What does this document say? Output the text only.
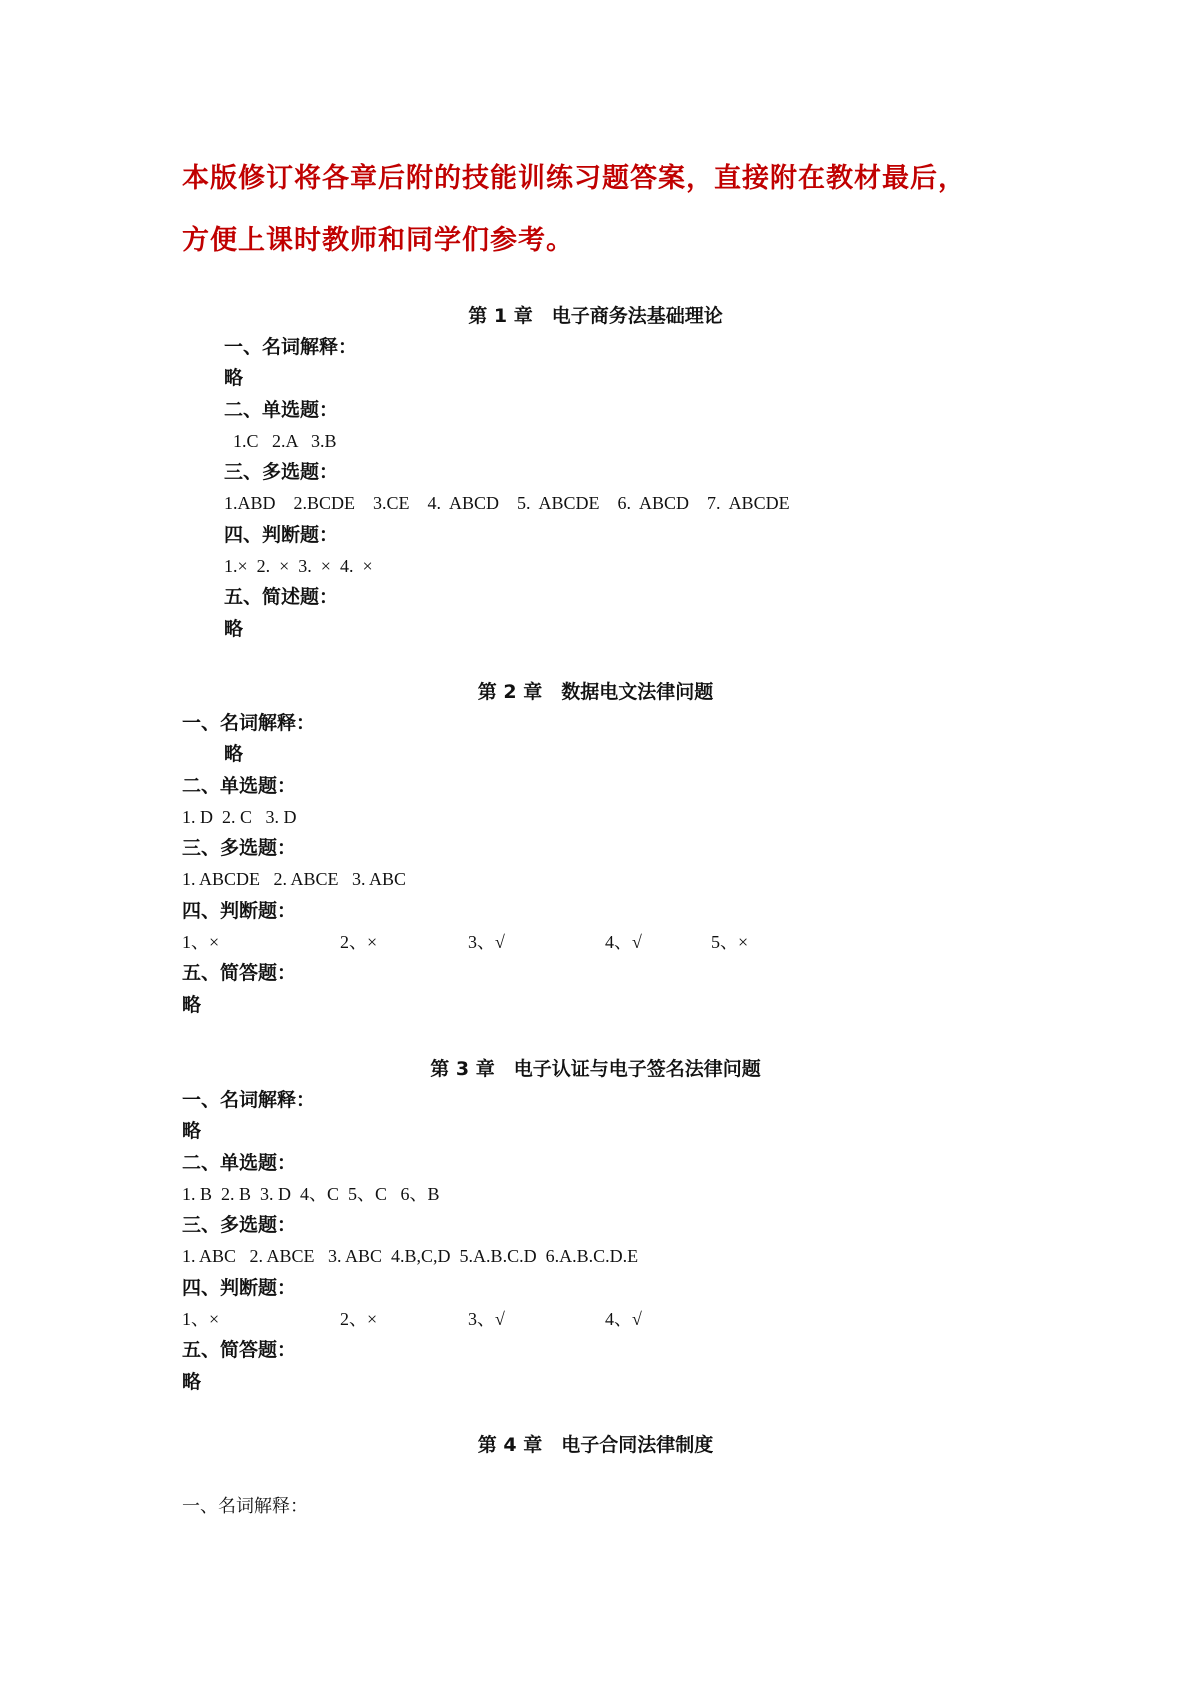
本版修订将各章后附的技能训练习题答案，直接附在教材最后，
方便上课时教师和同学们参考。
第 1 章　电子商务法基础理论
一、名词解释：
略
二、单选题：
1.C   2.A   3.B
三、多选题：
1.ABD    2.BCDE    3.CE    4.  ABCD    5.  ABCDE    6.  ABCD    7.  ABCDE
四、判断题：
1.×  2.  ×  3.  ×  4.  ×
五、简述题：
略
第 2 章　数据电文法律问题
一、名词解释：
略
二、单选题：
1. D  2. C   3. D
三、多选题：
1. ABCDE   2. ABCE   3. ABC
四、判断题：
1、×	2、×	3、√	4、√	5、×
五、简答题：
略
第 3 章　电子认证与电子签名法律问题
一、名词解释：
略
二、单选题：
1. B  2. B  3. D  4、C  5、C   6、B
三、多选题：
1. ABC   2. ABCE   3. ABC  4.B,C,D  5.A.B.C.D  6.A.B.C.D.E
四、判断题：
1、×	2、×	3、√	4、√
五、简答题：
略
第 4 章　电子合同法律制度
一、名词解释：
